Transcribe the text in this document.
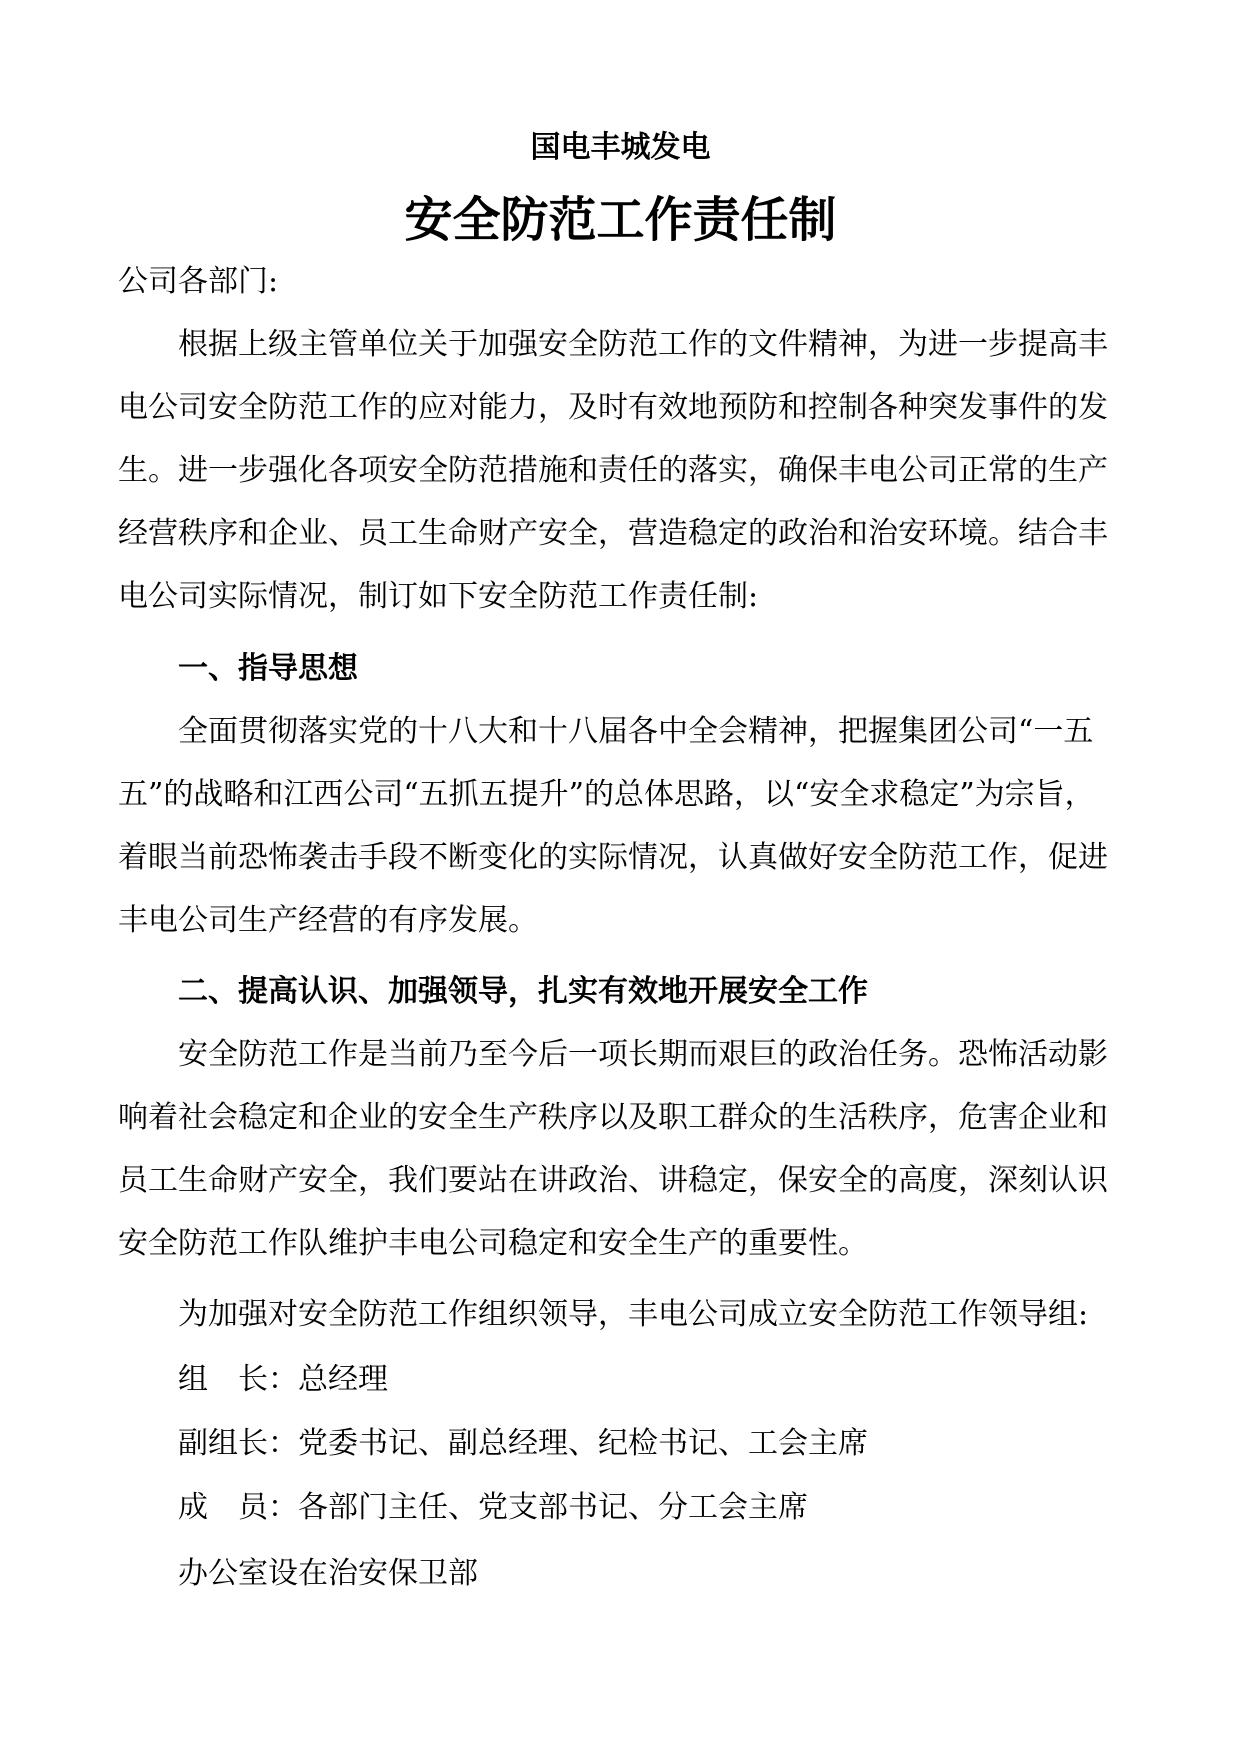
国电丰城发电
安全防范工作责任制
公司各部门:

根据上级主管单位关于加强安全防范工作的文件精神，为进一步提高丰电公司安全防范工作的应对能力，及时有效地预防和控制各种突发事件的发生。进一步强化各项安全防范措施和责任的落实，确保丰电公司正常的生产经营秩序和企业、员工生命财产安全，营造稳定的政治和治安环境。结合丰电公司实际情况，制订如下安全防范工作责任制:

一、指导思想

全面贯彻落实党的十八大和十八届各中全会精神，把握集团公司“一五五”的战略和江西公司“五抓五提升”的总体思路，以“安全求稳定”为宗旨，着眼当前恐怖袭击手段不断变化的实际情况，认真做好安全防范工作，促进丰电公司生产经营的有序发展。

二、提高认识、加强领导，扎实有效地开展安全工作

安全防范工作是当前乃至今后一项长期而艰巨的政治任务。恐怖活动影响着社会稳定和企业的安全生产秩序以及职工群众的生活秩序，危害企业和员工生命财产安全，我们要站在讲政治、讲稳定，保安全的高度，深刻认识安全防范工作队维护丰电公司稳定和安全生产的重要性。

为加强对安全防范工作组织领导，丰电公司成立安全防范工作领导组:

组　长：总经理
副组长：党委书记、副总经理、纪检书记、工会主席
成　员：各部门主任、党支部书记、分工会主席
办公室设在治安保卫部
